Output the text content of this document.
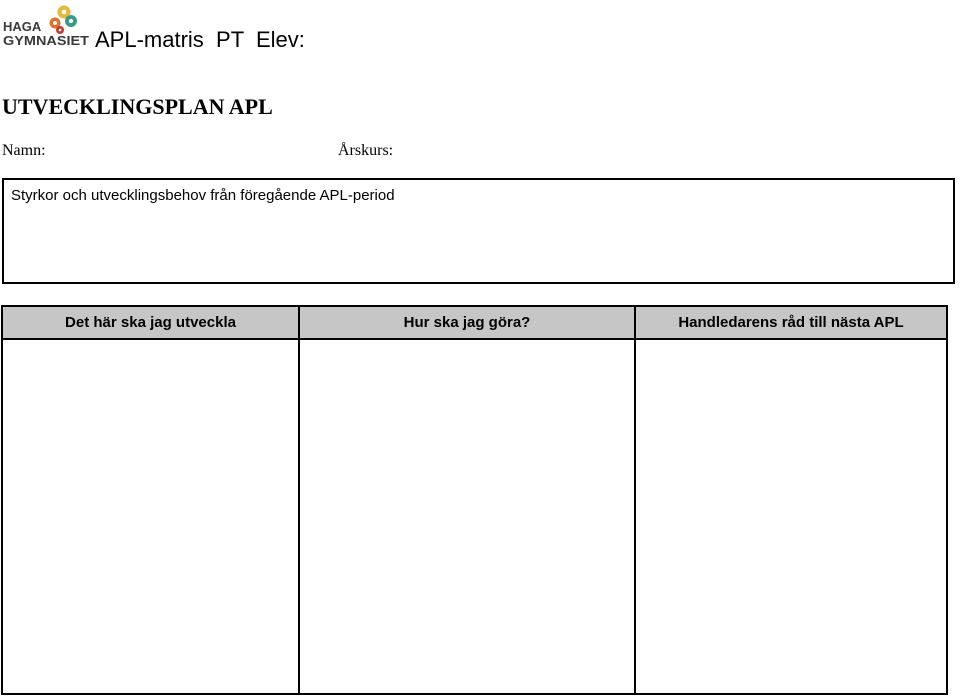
HAGA
GYMNASIET APL-matris  PT  Elev:
UTVECKLINGSPLAN APL
Namn:	Årskurs:
Styrkor och utvecklingsbehov från föregående APL-period
Det här ska jag utveckla	Hur ska jag göra?	Handledarens råd till nästa APL
